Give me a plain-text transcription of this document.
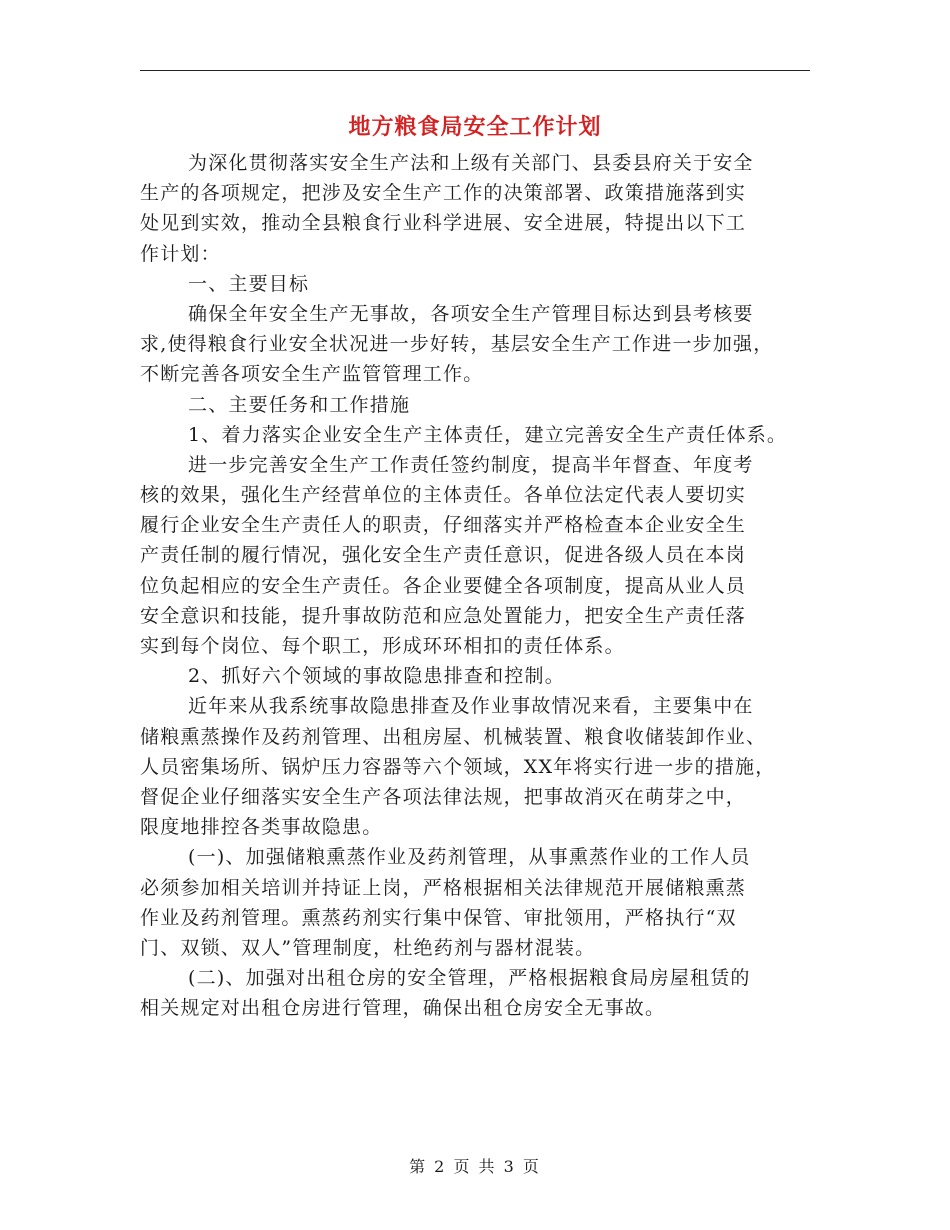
地方粮食局安全工作计划
为深化贯彻落实安全生产法和上级有关部门、县委县府关于安全
生产的各项规定，把涉及安全生产工作的决策部署、政策措施落到实
处见到实效，推动全县粮食行业科学进展、安全进展，特提出以下工
作计划：
一、主要目标
确保全年安全生产无事故，各项安全生产管理目标达到县考核要
求,使得粮食行业安全状况进一步好转，基层安全生产工作进一步加强，
不断完善各项安全生产监管管理工作。
二、主要任务和工作措施
1、着力落实企业安全生产主体责任，建立完善安全生产责任体系。
进一步完善安全生产工作责任签约制度，提高半年督查、年度考
核的效果，强化生产经营单位的主体责任。各单位法定代表人要切实
履行企业安全生产责任人的职责，仔细落实并严格检查本企业安全生
产责任制的履行情况，强化安全生产责任意识，促进各级人员在本岗
位负起相应的安全生产责任。各企业要健全各项制度，提高从业人员
安全意识和技能，提升事故防范和应急处置能力，把安全生产责任落
实到每个岗位、每个职工，形成环环相扣的责任体系。
2、抓好六个领域的事故隐患排查和控制。
近年来从我系统事故隐患排查及作业事故情况来看，主要集中在
储粮熏蒸操作及药剂管理、出租房屋、机械装置、粮食收储装卸作业、
人员密集场所、锅炉压力容器等六个领域，XX年将实行进一步的措施，
督促企业仔细落实安全生产各项法律法规，把事故消灭在萌芽之中，
限度地排控各类事故隐患。
(一)、加强储粮熏蒸作业及药剂管理，从事熏蒸作业的工作人员
必须参加相关培训并持证上岗，严格根据相关法律规范开展储粮熏蒸
作业及药剂管理。熏蒸药剂实行集中保管、审批领用，严格执行“双
门、双锁、双人”管理制度，杜绝药剂与器材混装。
(二)、加强对出租仓房的安全管理，严格根据粮食局房屋租赁的
相关规定对出租仓房进行管理，确保出租仓房安全无事故。
第 2 页 共 3 页
